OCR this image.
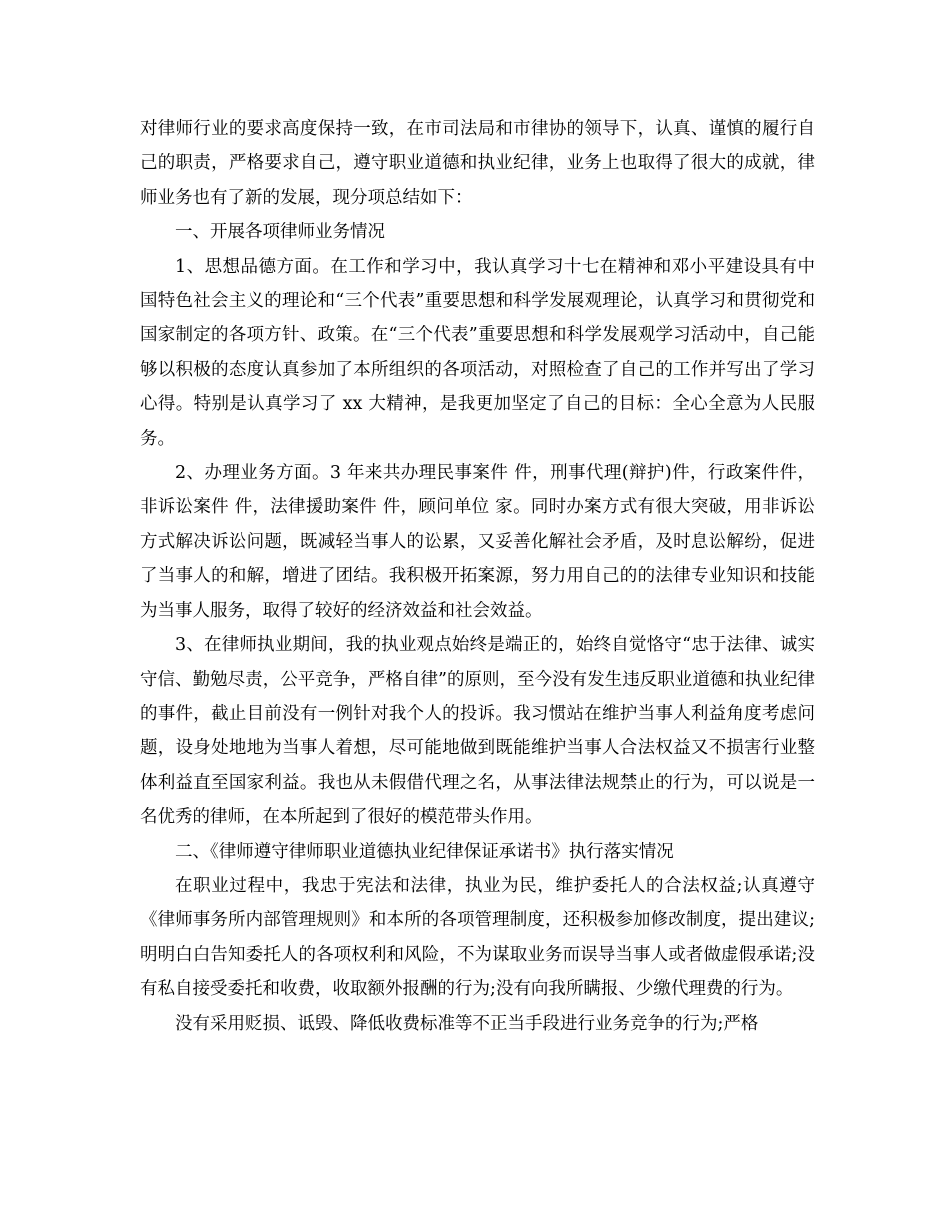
对律师行业的要求高度保持一致，在市司法局和市律协的领导下，认真、谨慎的履行自己的职责，严格要求自己，遵守职业道德和执业纪律，业务上也取得了很大的成就，律师业务也有了新的发展，现分项总结如下：

一、开展各项律师业务情况

1、思想品德方面。在工作和学习中，我认真学习十七在精神和邓小平建设具有中国特色社会主义的理论和“三个代表”重要思想和科学发展观理论，认真学习和贯彻党和国家制定的各项方针、政策。在“三个代表”重要思想和科学发展观学习活动中，自己能够以积极的态度认真参加了本所组织的各项活动，对照检查了自己的工作并写出了学习心得。特别是认真学习了 xx 大精神，是我更加坚定了自己的目标：全心全意为人民服务。

2、办理业务方面。3 年来共办理民事案件 件，刑事代理(辩护)件，行政案件件，非诉讼案件 件，法律援助案件 件，顾问单位 家。同时办案方式有很大突破，用非诉讼方式解决诉讼问题，既减轻当事人的讼累，又妥善化解社会矛盾，及时息讼解纷，促进了当事人的和解，增进了团结。我积极开拓案源，努力用自己的的法律专业知识和技能为当事人服务，取得了较好的经济效益和社会效益。

3、在律师执业期间，我的执业观点始终是端正的，始终自觉恪守“忠于法律、诚实守信、勤勉尽责，公平竞争，严格自律”的原则，至今没有发生违反职业道德和执业纪律的事件，截止目前没有一例针对我个人的投诉。我习惯站在维护当事人利益角度考虑问题，设身处地地为当事人着想，尽可能地做到既能维护当事人合法权益又不损害行业整体利益直至国家利益。我也从未假借代理之名，从事法律法规禁止的行为，可以说是一名优秀的律师，在本所起到了很好的模范带头作用。

二、《律师遵守律师职业道德执业纪律保证承诺书》执行落实情况

在职业过程中，我忠于宪法和法律，执业为民，维护委托人的合法权益;认真遵守《律师事务所内部管理规则》和本所的各项管理制度，还积极参加修改制度，提出建议;明明白白告知委托人的各项权利和风险，不为谋取业务而误导当事人或者做虚假承诺;没有私自接受委托和收费，收取额外报酬的行为;没有向我所瞒报、少缴代理费的行为。

没有采用贬损、诋毁、降低收费标准等不正当手段进行业务竞争的行为;严格
